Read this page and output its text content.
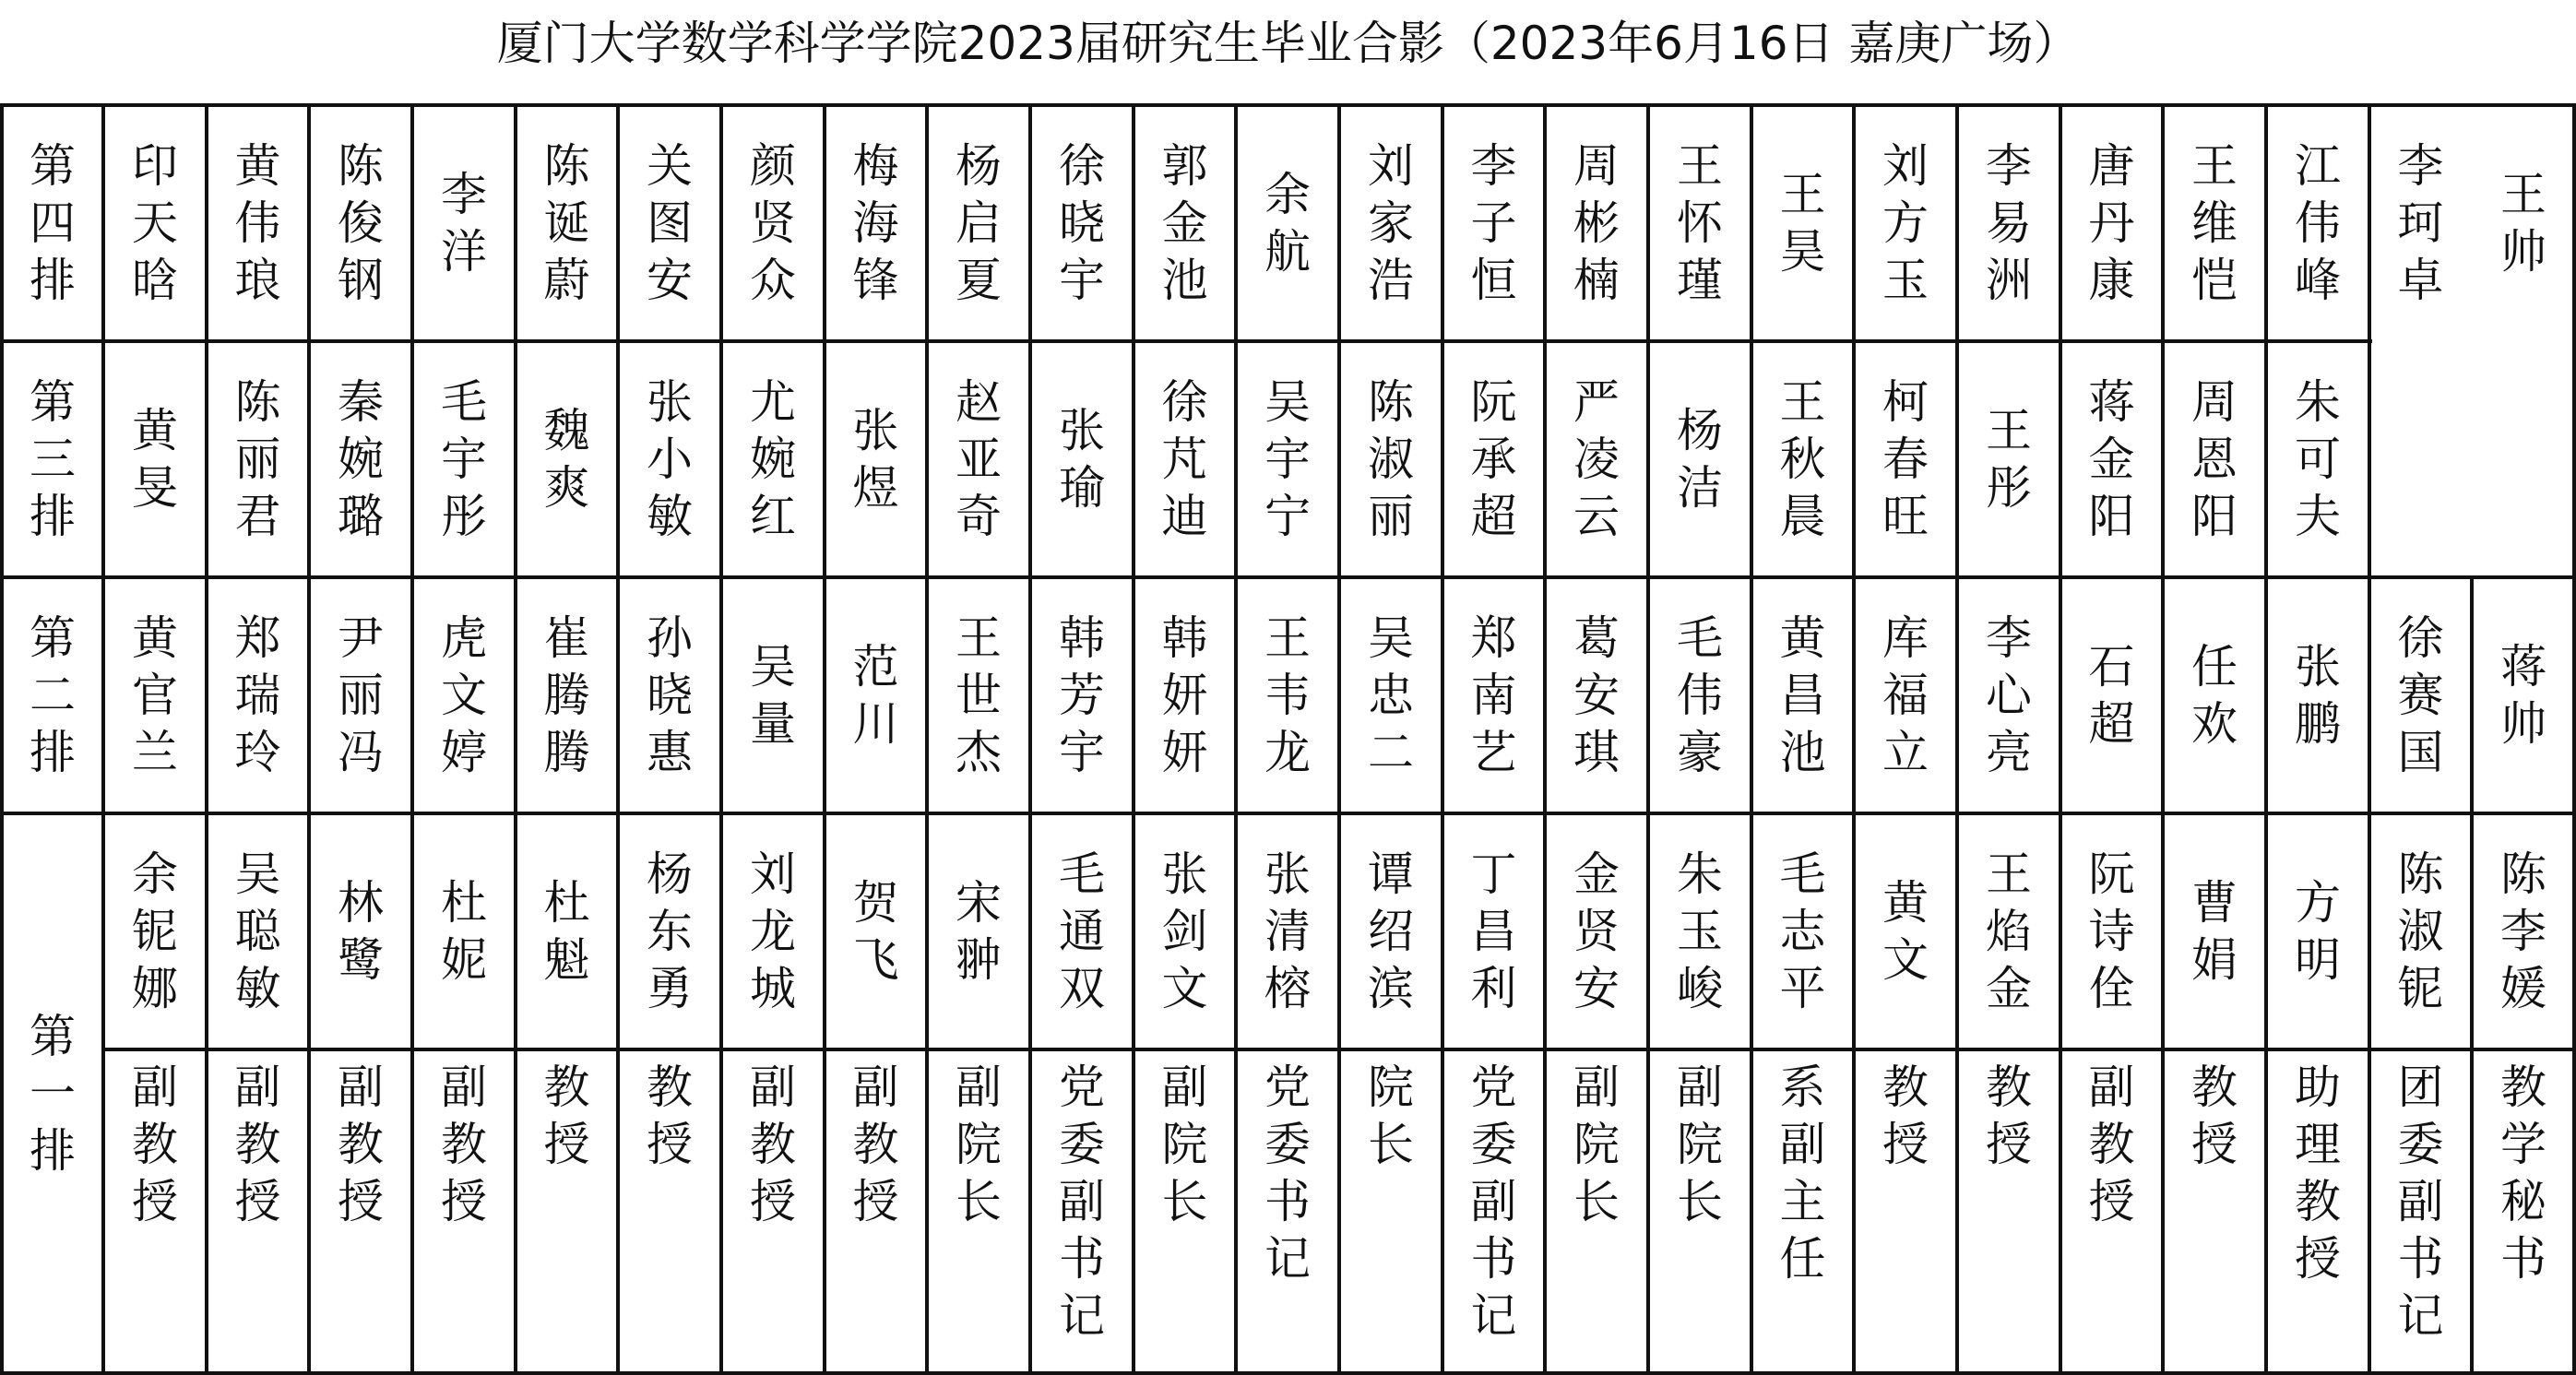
厦门大学数学科学学院2023届研究生毕业合影（2023年6月16日 嘉庚广场）
第四排
第三排
第二排
第一排
印天晗
黄伟琅
陈俊钢
李洋
陈诞蔚
关图安
颜贤众
梅海锋
杨启夏
徐晓宇
郭金池
余航
刘家浩
李子恒
周彬楠
王怀瑾
王昊
刘方玉
李易洲
唐丹康
王维恺
江伟峰
李珂卓
王帅
黄旻
陈丽君
秦婉璐
毛宇彤
魏爽
张小敏
尤婉红
张煜
赵亚奇
张瑜
徐芃迪
吴宇宁
陈淑丽
阮承超
严凌云
杨洁
王秋晨
柯春旺
王彤
蒋金阳
周恩阳
朱可夫
黄官兰
郑瑞玲
尹丽冯
虎文婷
崔腾腾
孙晓惠
吴量
范川
王世杰
韩芳宇
韩妍妍
王韦龙
吴忠二
郑南艺
葛安琪
毛伟豪
黄昌池
库福立
李心亮
石超
任欢
张鹏
徐赛国
蒋帅
余铌娜
吴聪敏
林鹭
杜妮
杜魁
杨东勇
刘龙城
贺飞
宋翀
毛通双
张剑文
张清榕
谭绍滨
丁昌利
金贤安
朱玉峻
毛志平
黄文
王焰金
阮诗佺
曹娟
方明
陈淑铌
陈李媛
副教授
副教授
副教授
副教授
教授
教授
副教授
副教授
副院长
党委副书记
副院长
党委书记
院长
党委副书记
副院长
副院长
系副主任
教授
教授
副教授
教授
助理教授
团委副书记
教学秘书
